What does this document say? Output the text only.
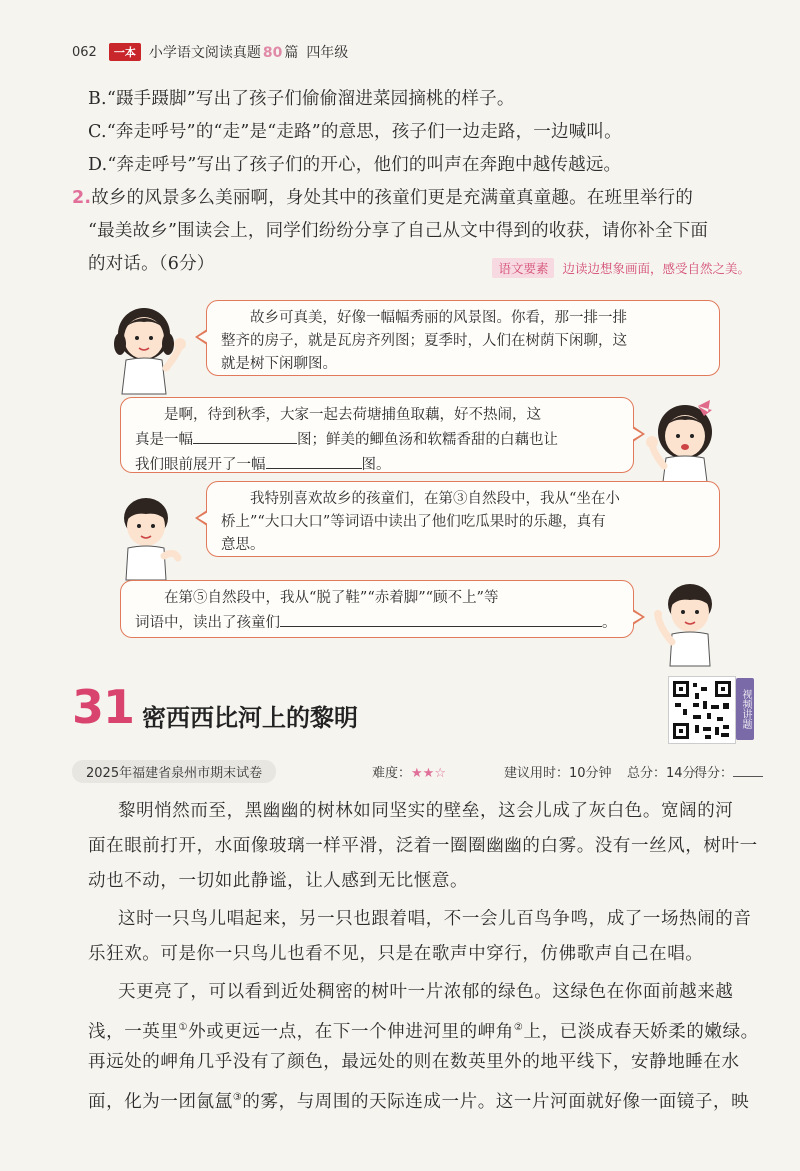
062	一本 小学语文阅读真题 80 篇 四年级
B.“蹑手蹑脚”写出了孩子们偷偷溜进菜园摘桃的样子。
C.“奔走呼号”的“走”是“走路”的意思，孩子们一边走路，一边喊叫。
D.“奔走呼号”写出了孩子们的开心，他们的叫声在奔跑中越传越远。
2.故乡的风景多么美丽啊，身处其中的孩童们更是充满童真童趣。在班里举行的
“最美故乡”围读会上，同学们纷纷分享了自己从文中得到的收获，请你补全下面
的对话。（6分）	语文要素	边读边想象画面，感受自然之美。
故乡可真美，好像一幅幅秀丽的风景图。你看，那一排一排
整齐的房子，就是瓦房齐列图；夏季时，人们在树荫下闲聊，这
就是树下闲聊图。
是啊，待到秋季，大家一起去荷塘捕鱼取藕，好不热闹，这
真是一幅	图；鲜美的鲫鱼汤和软糯香甜的白藕也让
我们眼前展开了一幅	图。
我特别喜欢故乡的孩童们，在第③自然段中，我从“坐在小
桥上”“大口大口”等词语中读出了他们吃瓜果时的乐趣，真有
意思。
在第⑤自然段中，我从“脱了鞋”“赤着脚”“顾不上”等
词语中，读出了孩童们	。
31 密西西比河上的黎明	视频讲题
2025年福建省泉州市期末试卷	难度：★★☆	建议用时：10分钟 总分：14分
得分：
黎明悄然而至，黑幽幽的树林如同坚实的壁垒，这会儿成了灰白色。宽阔的河
面在眼前打开，水面像玻璃一样平滑，泛着一圈圈幽幽的白雾。没有一丝风，树叶一
动也不动，一切如此静谧，让人感到无比惬意。
这时一只鸟儿唱起来，另一只也跟着唱，不一会儿百鸟争鸣，成了一场热闹的音
乐狂欢。可是你一只鸟儿也看不见，只是在歌声中穿行，仿佛歌声自己在唱。
天更亮了，可以看到近处稠密的树叶一片浓郁的绿色。这绿色在你面前越来越
浅，一英里①外或更远一点，在下一个伸进河里的岬角②上，已淡成春天娇柔的嫩绿。
再远处的岬角几乎没有了颜色，最远处的则在数英里外的地平线下，安静地睡在水
面，化为一团氤氲③的雾，与周围的天际连成一片。这一片河面就好像一面镜子，映
